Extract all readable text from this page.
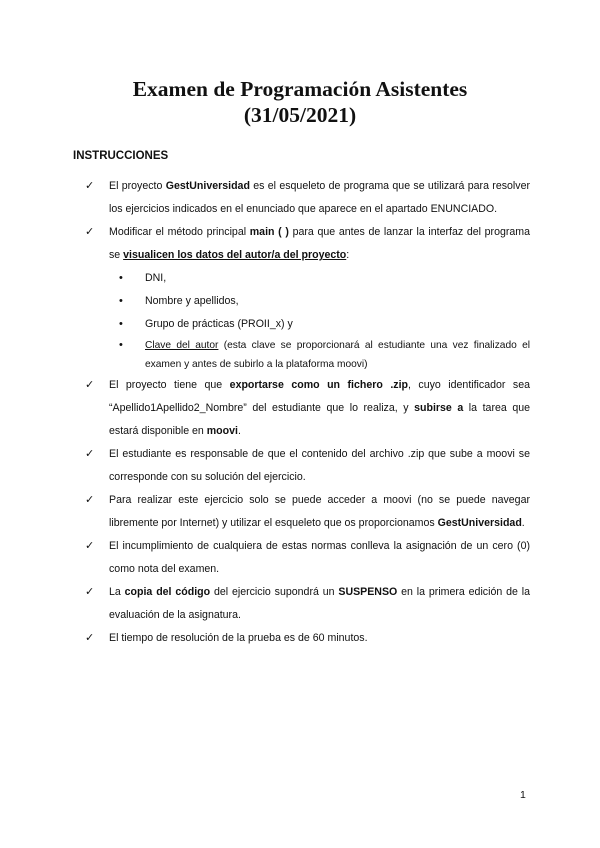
Examen de Programación Asistentes
(31/05/2021)
INSTRUCCIONES
✓	El proyecto GestUniversidad es el esqueleto de programa que se utilizará para resolver los ejercicios indicados en el enunciado que aparece en el apartado ENUNCIADO.
✓	Modificar el método principal main ( ) para que antes de lanzar la interfaz del programa se visualicen los datos del autor/a del proyecto:
• DNI,
• Nombre y apellidos,
• Grupo de prácticas (PROII_x) y
• Clave del autor (esta clave se proporcionará al estudiante una vez finalizado el examen y antes de subirlo a la plataforma moovi)
✓	El proyecto tiene que exportarse como un fichero .zip, cuyo identificador sea “Apellido1Apellido2_Nombre” del estudiante que lo realiza, y subirse a la tarea que estará disponible en moovi.
✓	El estudiante es responsable de que el contenido del archivo .zip que sube a moovi se corresponde con su solución del ejercicio.
✓	Para realizar este ejercicio solo se puede acceder a moovi (no se puede navegar libremente por Internet) y utilizar el esqueleto que os proporcionamos GestUniversidad.
✓	El incumplimiento de cualquiera de estas normas conlleva la asignación de un cero (0) como nota del examen.
✓	La copia del código del ejercicio supondrá un SUSPENSO en la primera edición de la evaluación de la asignatura.
✓	El tiempo de resolución de la prueba es de 60 minutos.
1
